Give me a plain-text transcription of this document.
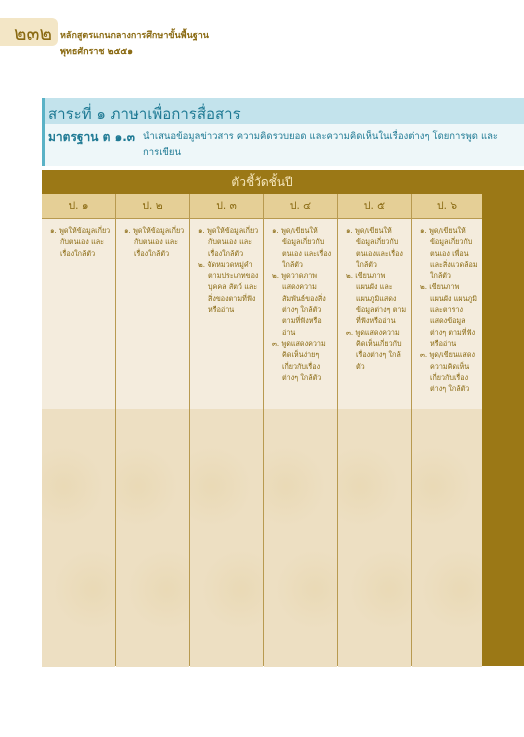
๒๓๒ หลักสูตรแกนกลางการศึกษาขั้นพื้นฐาน
พุทธศักราช ๒๕๕๑
สาระที่ ๑ ภาษาเพื่อการสื่อสาร
มาตรฐาน ต ๑.๓ นำเสนอข้อมูลข่าวสาร ความคิดรวบยอด และความคิดเห็นในเรื่องต่างๆ โดยการพูด และการเขียน
ตัวชี้วัดชั้นปี
ป. ๑
๑. พูดให้ข้อมูลเกี่ยวกับตนเอง และเรื่องใกล้ตัว
ป. ๒
๑. พูดให้ข้อมูลเกี่ยวกับตนเอง และเรื่องใกล้ตัว
ป. ๓
๑. พูดให้ข้อมูลเกี่ยวกับตนเอง และเรื่องใกล้ตัว
๒. จัดหมวดหมู่คำตามประเภทของบุคคล สัตว์ และสิ่งของตามที่ฟังหรืออ่าน
ป. ๔
๑. พูด/เขียนให้ข้อมูลเกี่ยวกับตนเอง และเรื่องใกล้ตัว
๒. พูดวาดภาพ แสดงความสัมพันธ์ของสิ่งต่างๆ ใกล้ตัวตามที่ฟังหรืออ่าน
๓. พูดแสดงความคิดเห็นง่ายๆ เกี่ยวกับเรื่องต่างๆ ใกล้ตัว
ป. ๕
๑. พูด/เขียนให้ข้อมูลเกี่ยวกับตนเองและเรื่องใกล้ตัว
๒. เขียนภาพ แผนผัง และแผนภูมิแสดงข้อมูลต่างๆ ตามที่ฟังหรืออ่าน
๓. พูดแสดงความคิดเห็นเกี่ยวกับเรื่องต่างๆ ใกล้ตัว
ป. ๖
๑. พูด/เขียนให้ข้อมูลเกี่ยวกับตนเอง เพื่อน และสิ่งแวดล้อมใกล้ตัว
๒. เขียนภาพ แผนผัง แผนภูมิ และตาราง แสดงข้อมูลต่างๆ ตามที่ฟังหรืออ่าน
๓. พูด/เขียนแสดงความคิดเห็นเกี่ยวกับเรื่องต่างๆ ใกล้ตัว
